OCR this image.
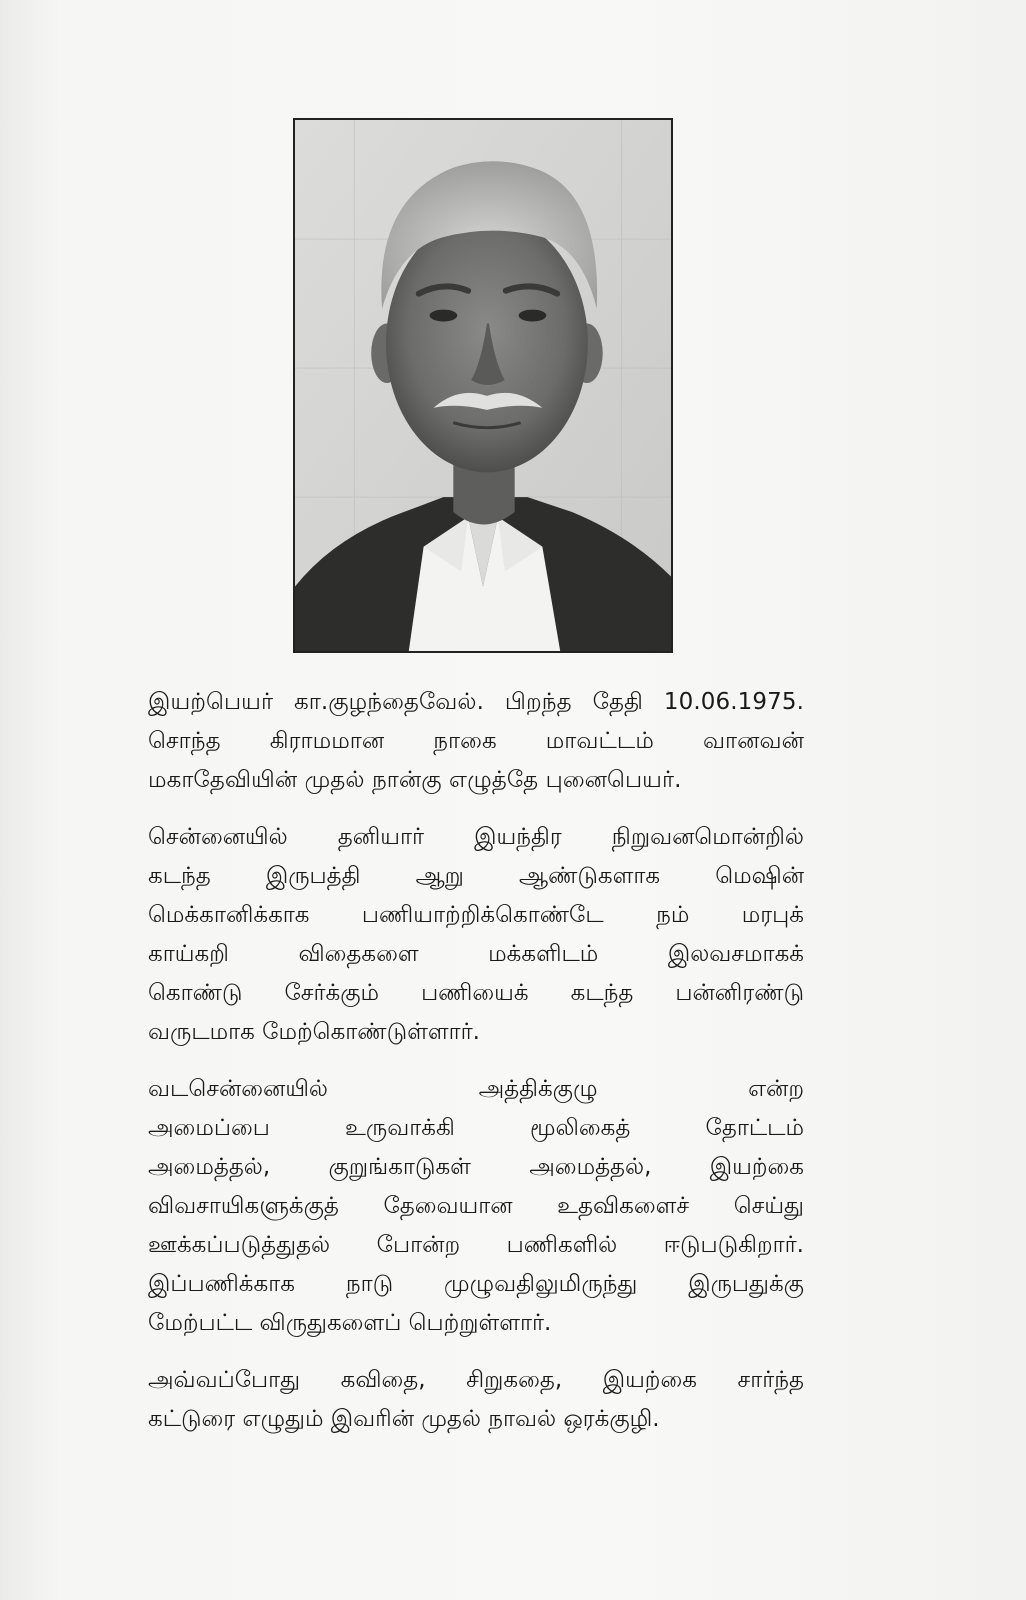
இயற்பெயர் கா.குழந்தைவேல். பிறந்த தேதி 10.06.1975.
சொந்த கிராமமான நாகை மாவட்டம் வானவன்
மகாதேவியின் முதல் நான்கு எழுத்தே புனைபெயர்.

சென்னையில் தனியார் இயந்திர நிறுவனமொன்றில்
கடந்த இருபத்தி ஆறு ஆண்டுகளாக மெஷின்
மெக்கானிக்காக பணியாற்றிக்கொண்டே நம் மரபுக்
காய்கறி விதைகளை மக்களிடம் இலவசமாகக்
கொண்டு சேர்க்கும் பணியைக் கடந்த பன்னிரண்டு
வருடமாக மேற்கொண்டுள்ளார்.

வடசென்னையில் அத்திக்குழு என்ற
அமைப்பை உருவாக்கி மூலிகைத் தோட்டம்
அமைத்தல், குறுங்காடுகள் அமைத்தல், இயற்கை
விவசாயிகளுக்குத் தேவையான உதவிகளைச் செய்து
ஊக்கப்படுத்துதல் போன்ற பணிகளில் ஈடுபடுகிறார்.
இப்பணிக்காக நாடு முழுவதிலுமிருந்து இருபதுக்கு
மேற்பட்ட விருதுகளைப் பெற்றுள்ளார்.

அவ்வப்போது கவிதை, சிறுகதை, இயற்கை சார்ந்த
கட்டுரை எழுதும் இவரின் முதல் நாவல் ஒரக்குழி.
